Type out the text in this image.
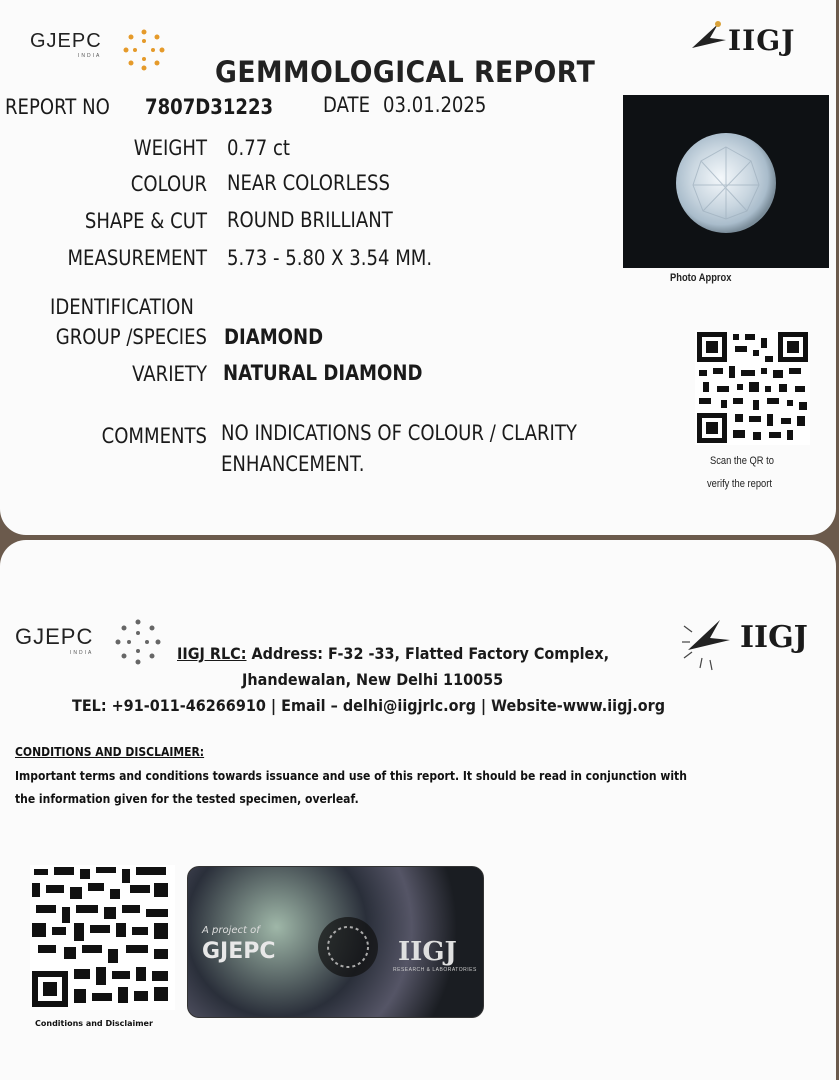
GJEPC
INDIA	IIGJ
GEMMOLOGICAL REPORT
REPORT NO 7807D31223 DATE 03.01.2025
WEIGHT 0.77 ct
COLOUR NEAR COLORLESS
SHAPE & CUT ROUND BRILLIANT
MEASUREMENT 5.73 - 5.80 X 3.54 MM.
IDENTIFICATION
GROUP /SPECIES DIAMOND
VARIETY NATURAL DIAMOND
COMMENTS NO INDICATIONS OF COLOUR / CLARITY
ENHANCEMENT.
Photo Approx
Scan the QR to
verify the report
GJEPC
INDIA	IIGJ
IIGJ RLC: Address: F-32 -33, Flatted Factory Complex,
Jhandewalan, New Delhi 110055
TEL: +91-011-46266910 | Email – delhi@iigjrlc.org | Website-www.iigj.org
CONDITIONS AND DISCLAIMER:
Important terms and conditions towards issuance and use of this report. It should be read in conjunction with
the information given for the tested specimen, overleaf.
Conditions and Disclaimer
A project of
GJEPC	IIGJ
RESEARCH & LABORATORIES
